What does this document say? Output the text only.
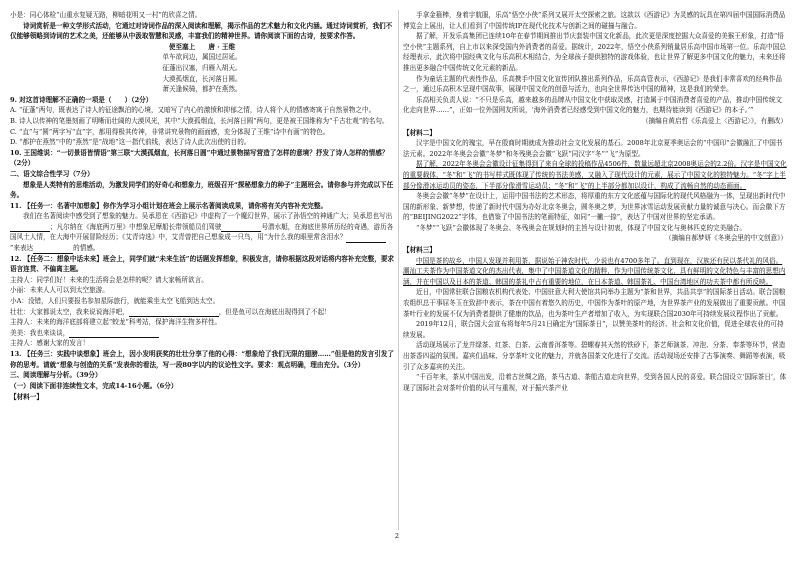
小是：同心体检“山重水复疑无路，柳暗花明又一村”的欣喜之情。

诗词赏析是一种文学形式活动，它通过对诗词作品的深入阅读和理解，揭示作品的艺术魅力和文化内涵。通过诗词赏析，我们不仅能够领略到诗词的艺术之美，还能够从中汲取智慧和灵感，丰富我们的精神世界。请你阅读下面的古诗，按要求作答。

使至塞上　　唐 · 王维
单车欲问边，属国过居延。
征蓬出汉塞，归雁入胡天。
大漠孤烟直，长河落日圆。
萧关逢候骑，都护在燕然。

9. 对这首诗理解不正确的一项是（　　）（2分）

A. “征蓬”两句，既表达了诗人的征途飘泊的心境，又暗写了内心的激愤和抑郁之情，诗人将个人的情感寄寓于自然景物之中。

B. 诗人以传神的笔墨刻画了明晰而壮阔的大漠风光，其中“大漠孤烟直，长河落日圆”两句，更是被王国维称为“千古壮观”的名句。

C. “直”与“圆”两字写“直”字，都用得极其传神，非常讲究景物的画面感，充分体现了王维“诗中有画”的特色。

D. “都护在燕然”中的“燕然”是“战地”这一指代前线，表达了诗人此次出使的目的。

10. 王国维说：“一切景语皆情语”第三联“大漠孤烟直，长河落日圆”中通过景物描写营造了怎样的意境？抒发了诗人怎样的情感？（2分）

二、语文综合性学习（7分）

想象是人类特有的思维活动，为激发同学们的好奇心和想象力，班级召开“探秘想象力的种子”主题班会。请你参与并完成以下任务。

11. 【任务一：名著中加想象】你作为学习小组计划在班会上展示名著阅读成果，请你将有关内容补充完整。

我们在名著阅读中感受到了想象的魅力。吴承恩在《西游记》中虚构了一个魔幻世界，展示了孙悟空的神通广大；吴承恩也写出；凡尔纳在《海底两万里》中想象尼摩船长带领船员们驾驶	号潜水艇，在海底世界所历经的奇遇，游历各国风土人情，在大海中开展冒险经历；《艾青诗选》中，艾青曾把自己想象成一只鸟，用“为什么我的眼里常含泪水？”来表达	的情感。

12. 【任务二：想象中话未来】班会上，同学们就“未来生活”的话题发挥想象，积极发言，请你根据这段对话将内容补充完整，要求语言连贯、不偏离主题。

主持人：同学们好！未来的生活将会是怎样的呢？请大家畅所欲言。

小丽：未来人人可以到太空旅游。

小A：没错，人们只要报名参加星际旅行，就能乘坐太空飞船到达太空。

壮壮：大家都说太空，我来说说海洋吧，	，但是鱼可以在海底出现得到了不起！

主持人：未来的海洋底部将建立起“蛟龙”科考站，保护海洋生物多样性。

美美：我也来谈谈，

主持人：感谢大家的发言！

13. 【任务三：实践中谈想象】班会上，因小发明获奖的壮壮分享了他的心得：“想象给了我们无限的翅膀……”但是他的发言引发了你的思考。请就“想象与创造的关系”发表你的看法，写一段80字以内的议论性文字。要求：观点明确，理由充分。（3分）

三、阅读理解与分析。（39分）

（一）阅读下面非连续性文本，完成14-16小题。（6分）

【材料一】

手拿金箍棒，身着宇航服，乐高“悟空小侠”系列又展开太空探索之旅。这款以《西游记》为灵感的玩具在第四届中国国际消费品博览会上展出，让人们看到了中国传统IP在现代化技术与创新之间的碰撞与融合。

据了解，开发乐高集团已连续10年在春节期间推出节庆套装中国文化新品，此次更是深度挖掘大众喜爱的美猴王形象，打造“悟空小侠”主题系列，自上市以来深受国内外消费者的喜爱。据统计，2022年，悟空小侠系列销量居乐高中国市场第一位。乐高中国总经理表示，此次将中国经典文化与乐高积木相结合，为全球孩子提供独特的游戏体验，也让世界了解更多中国文化的魅力，未来还将推出更多融合中国传统文化元素的新品。

作为童话主题的代表性作品，乐高携手中国文化宣传团队推出系列作品，乐高高管表示，《西游记》是我们非常喜欢的经典作品之一，通过乐高积木呈现中国故事，展现中国文化的创意与活力，也向全世界传达中国的精神，这是我们的荣幸。

乐高相关负责人说：“不只是乐高，越来越多的品牌从中国文化中获取灵感，打造属于中国消费者喜爱的产品，推动中国传统文化走向世界……”，正如一位外国网友所说，‘海外消费者已经感受到中国文化的魅力，也期待能读到《西游记》的本子。’”

（摘编自黄启哲《乐高爱上〈西游记〉》，有删改）

【材料二】

汉字是中国文化的瑰宝，早在殷商时期就成为推动社会文化发展的基石。2008年北京夏季奥运会的“中国印”会徽融汇了中国书法元素。2022年冬奥会会徽“冬梦”和冬残奥会会徽“飞跃”同汉字“冬”“飞”为原型。

据了解，2022年冬奥会会徽设计征集得到了来自全球的投稿作品4506件，数量远超北京2008奥运会的2.2倍。汉字是中国文化的重要载体，“冬”和“飞”的书写样式既体现了传统的书法美感，又融入了现代设计的元素，展示了中国文化的独特魅力。“冬”字上半部分像滑冰运动员的姿态，下半部分像滑雪运动员；“冬”和“飞”的上半部分都加以设计，构成了流畅自然的动态画面。

冬奥会会徽“冬梦”在设计上，运用中国书法的艺术形态，将厚重的东方文化底蕴与国际化的现代风格融为一体，呈现出新时代中国的新形象、新梦想，传递了新时代中国为办好北京冬奥会，圆冬奥之梦，为世界冰雪运动发展贡献力量的诚意与决心。而会徽下方的“BEIJING2022”字体，也借鉴了中国书法的笔画特征，如同“一撇一捺”，表达了中国对世界的坚定承诺。

“冬梦”“飞跃”会徽体现了冬奥会、冬残奥会在规划时的主旨与设计初衷，体现了中国文化与奥林匹克的完美融合。

（摘编自郝梦妍《冬奥会里的中文创意》）

【材料三】

中国是茶的故乡，中国人发现并利用茶，据说始于神农时代，少说也有4700多年了。直到现在，汉族还有民以茶代礼的风俗。潮汕工夫茶作为中国茶道文化的杰出代表，集中了中国茶道文化的精粹，作为中国传统茶文化，具有鲜明的文化特色与丰富的思想内涵，并在中国以及日本的茶道、韩国的茶礼中占有重要的地位，在日本茶道、韩国茶礼、中国台湾地区的功夫茶中都有所反映。

近日，中国常驻联合国粮农机构代表处、中国驻意大利大使馆共同举办主题为“茶和世界，共品共享”的国际茶日活动。联合国粮农组织总干事屈冬玉在致辞中表示，茶在中国有着悠久的历史，中国作为茶叶的原产地，为世界茶产业的发展做出了重要贡献。中国茶叶行业的发展不仅为消费者提供了健康的饮品，也为茶叶生产者增加了收入，为实现联合国2030年可持续发展议程作出了贡献。

2019年12月，联合国大会宣布将每年5月21日确定为“国际茶日”，以赞美茶叶的经济、社会和文化价值，促进全球农业的可持续发展。

活动现场展示了龙井绿茶、红茶、白茶、云南普洱茶等。碧螺春其天然的铁砂下，茶艺师演茶、冲泡、分茶、奉茶等环节，营造出茶香四溢的氛围。嘉宾们品味、分享茶叶文化的魅力，并就各国茶文化进行了交流。活动现场还安排了古筝演奏、舞蹈等表演，吸引了众多嘉宾的关注。

“千百年来，茶从中国出发，沿着古丝绸之路，茶马古道、茶船古道走向世界，受到各国人民的喜爱。联合国设立‘国际茶日’，体现了国际社会对茶叶价值的认可与重视，对于振兴茶产业

2
